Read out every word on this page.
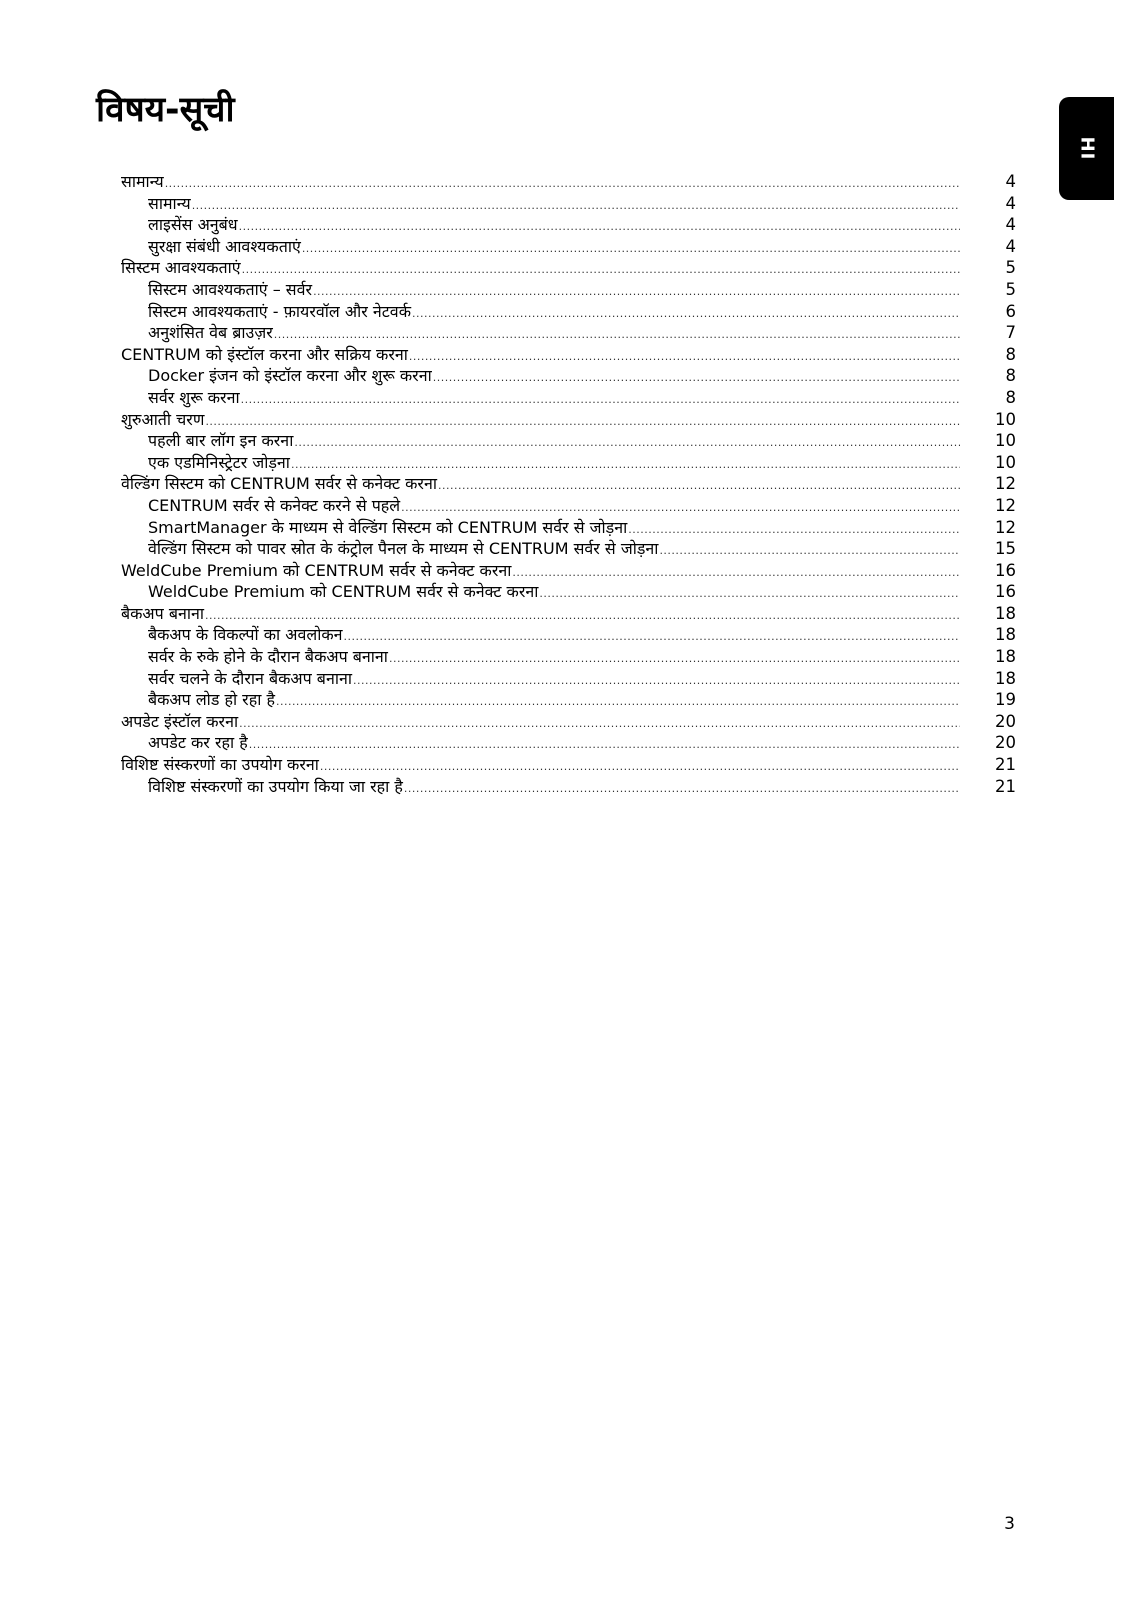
विषय-सूची
HI
सामान्य .....	4
सामान्य .....	4
लाइसेंस अनुबंध .....	4
सुरक्षा संबंधी आवश्यकताएं .....	4
सिस्टम आवश्यकताएं .....	5
सिस्टम आवश्यकताएं – सर्वर .....	5
सिस्टम आवश्यकताएं - फ़ायरवॉल और नेटवर्क .....	6
अनुशंसित वेब ब्राउज़र .....	7
CENTRUM को इंस्टॉल करना और सक्रिय करना .....	8
Docker इंजन को इंस्टॉल करना और शुरू करना .....	8
सर्वर शुरू करना .....	8
शुरुआती चरण .....	10
पहली बार लॉग इन करना .....	10
एक एडमिनिस्ट्रेटर जोड़ना .....	10
वेल्डिंग सिस्टम को CENTRUM सर्वर से कनेक्ट करना .....	12
CENTRUM सर्वर से कनेक्ट करने से पहले .....	12
SmartManager के माध्यम से वेल्डिंग सिस्टम को CENTRUM सर्वर से जोड़ना .....	12
वेल्डिंग सिस्टम को पावर स्रोत के कंट्रोल पैनल के माध्यम से CENTRUM सर्वर से जोड़ना .....	15
WeldCube Premium को CENTRUM सर्वर से कनेक्ट करना .....	16
WeldCube Premium को CENTRUM सर्वर से कनेक्ट करना .....	16
बैकअप बनाना .....	18
बैकअप के विकल्पों का अवलोकन .....	18
सर्वर के रुके होने के दौरान बैकअप बनाना .....	18
सर्वर चलने के दौरान बैकअप बनाना .....	18
बैकअप लोड हो रहा है .....	19
अपडेट इंस्टॉल करना .....	20
अपडेट कर रहा है .....	20
विशिष्ट संस्करणों का उपयोग करना .....	21
विशिष्ट संस्करणों का उपयोग किया जा रहा है .....	21
3
